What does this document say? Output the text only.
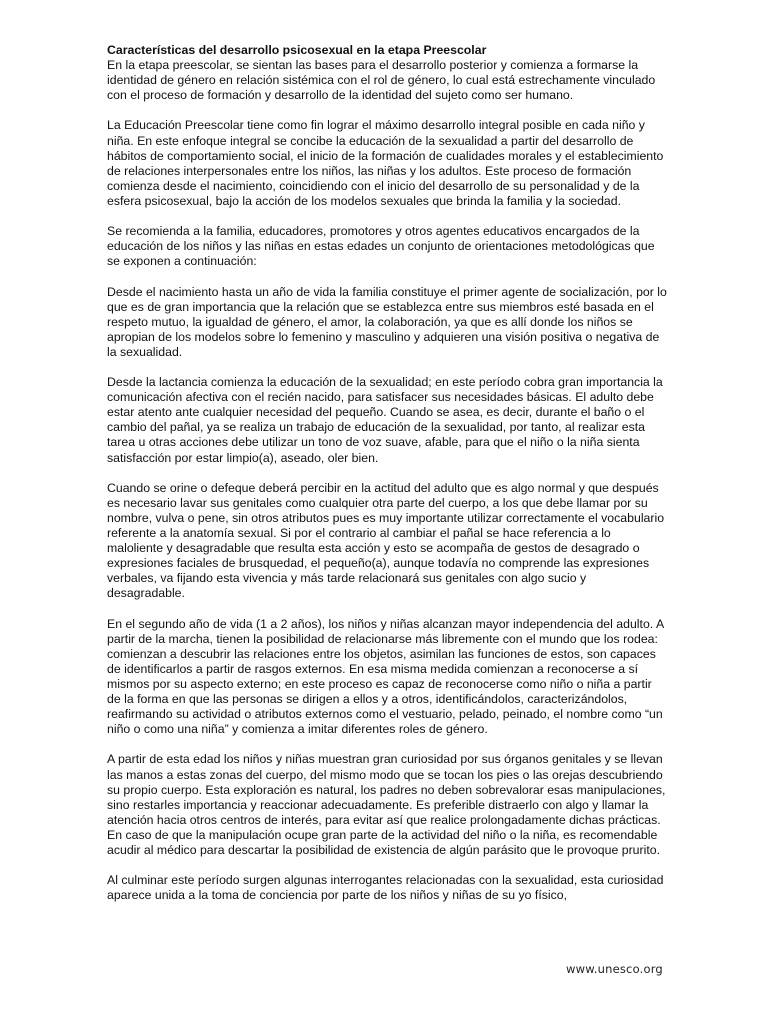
Características del desarrollo psicosexual en la etapa Preescolar

En la etapa preescolar, se sientan las bases para el desarrollo posterior y comienza a formarse la identidad de género en relación sistémica con el rol de género, lo cual está estrechamente vinculado con el proceso de formación y desarrollo de la identidad del sujeto como ser humano.

La Educación Preescolar tiene como fin lograr el máximo desarrollo integral posible en cada niño y niña. En este enfoque integral se concibe la educación de la sexualidad a partir del desarrollo de hábitos de comportamiento social, el inicio de la formación de cualidades morales y el establecimiento de relaciones interpersonales entre los niños, las niñas y los adultos. Este proceso de formación comienza desde el nacimiento, coincidiendo con el inicio del desarrollo de su personalidad y de la esfera psicosexual, bajo la acción de los modelos sexuales que brinda la familia y la sociedad.

Se recomienda a la familia, educadores, promotores y otros agentes educativos encargados de la educación de los niños y las niñas en estas edades un conjunto de orientaciones metodológicas que se exponen a continuación:

Desde el nacimiento hasta un año de vida la familia constituye el primer agente de socialización, por lo que es de gran importancia que la relación que se establezca entre sus miembros esté basada en el respeto mutuo, la igualdad de género, el amor, la colaboración, ya que es allí donde los niños se apropian de los modelos sobre lo femenino y masculino y adquieren una visión positiva o negativa de la sexualidad.

Desde la lactancia comienza la educación de la sexualidad; en este período cobra gran importancia la comunicación afectiva con el recién nacido, para satisfacer sus necesidades básicas. El adulto debe estar atento ante cualquier necesidad del pequeño. Cuando se asea, es decir, durante el baño o el cambio del pañal, ya se realiza un trabajo de educación de la sexualidad, por tanto, al realizar esta tarea u otras acciones debe utilizar un tono de voz suave, afable, para que el niño o la niña sienta satisfacción por estar limpio(a), aseado, oler bien.

Cuando se orine o defeque deberá percibir en la actitud del adulto que es algo normal y que después es necesario lavar sus genitales como cualquier otra parte del cuerpo, a los que debe llamar por su nombre, vulva o pene, sin otros atributos pues es muy importante utilizar correctamente el vocabulario referente a la anatomía sexual. Si por el contrario al cambiar el pañal se hace referencia a lo maloliente y desagradable que resulta esta acción y esto se acompaña de gestos de desagrado o expresiones faciales de brusquedad, el pequeño(a), aunque todavía no comprende las expresiones verbales, va fijando esta vivencia y más tarde relacionará sus genitales con algo sucio y desagradable.

En el segundo año de vida (1 a 2 años), los niños y niñas alcanzan mayor independencia del adulto. A partir de la marcha, tienen la posibilidad de relacionarse más libremente con el mundo que los rodea: comienzan a descubrir las relaciones entre los objetos, asimilan las funciones de estos, son capaces de identificarlos a partir de rasgos externos. En esa misma medida comienzan a reconocerse a sí mismos por su aspecto externo; en este proceso es capaz de reconocerse como niño o niña a partir de la forma en que las personas se dirigen a ellos y a otros, identificándolos, caracterizándolos, reafirmando su actividad o atributos externos como el vestuario, pelado, peinado, el nombre como “un niño o como una niña” y comienza a imitar diferentes roles de género.

A partir de esta edad los niños y niñas muestran gran curiosidad por sus órganos genitales y se llevan las manos a estas zonas del cuerpo, del mismo modo que se tocan los pies o las orejas descubriendo su propio cuerpo. Esta exploración es natural, los padres no deben sobrevalorar esas manipulaciones, sino restarles importancia y reaccionar adecuadamente. Es preferible distraerlo con algo y llamar la atención hacia otros centros de interés, para evitar así que realice prolongadamente dichas prácticas. En caso de que la manipulación ocupe gran parte de la actividad del niño o la niña, es recomendable acudir al médico para descartar la posibilidad de existencia de algún parásito que le provoque prurito.

Al culminar este período surgen algunas interrogantes relacionadas con la sexualidad, esta curiosidad aparece unida a la toma de conciencia por parte de los niños y niñas de su yo físico,

www.unesco.org
